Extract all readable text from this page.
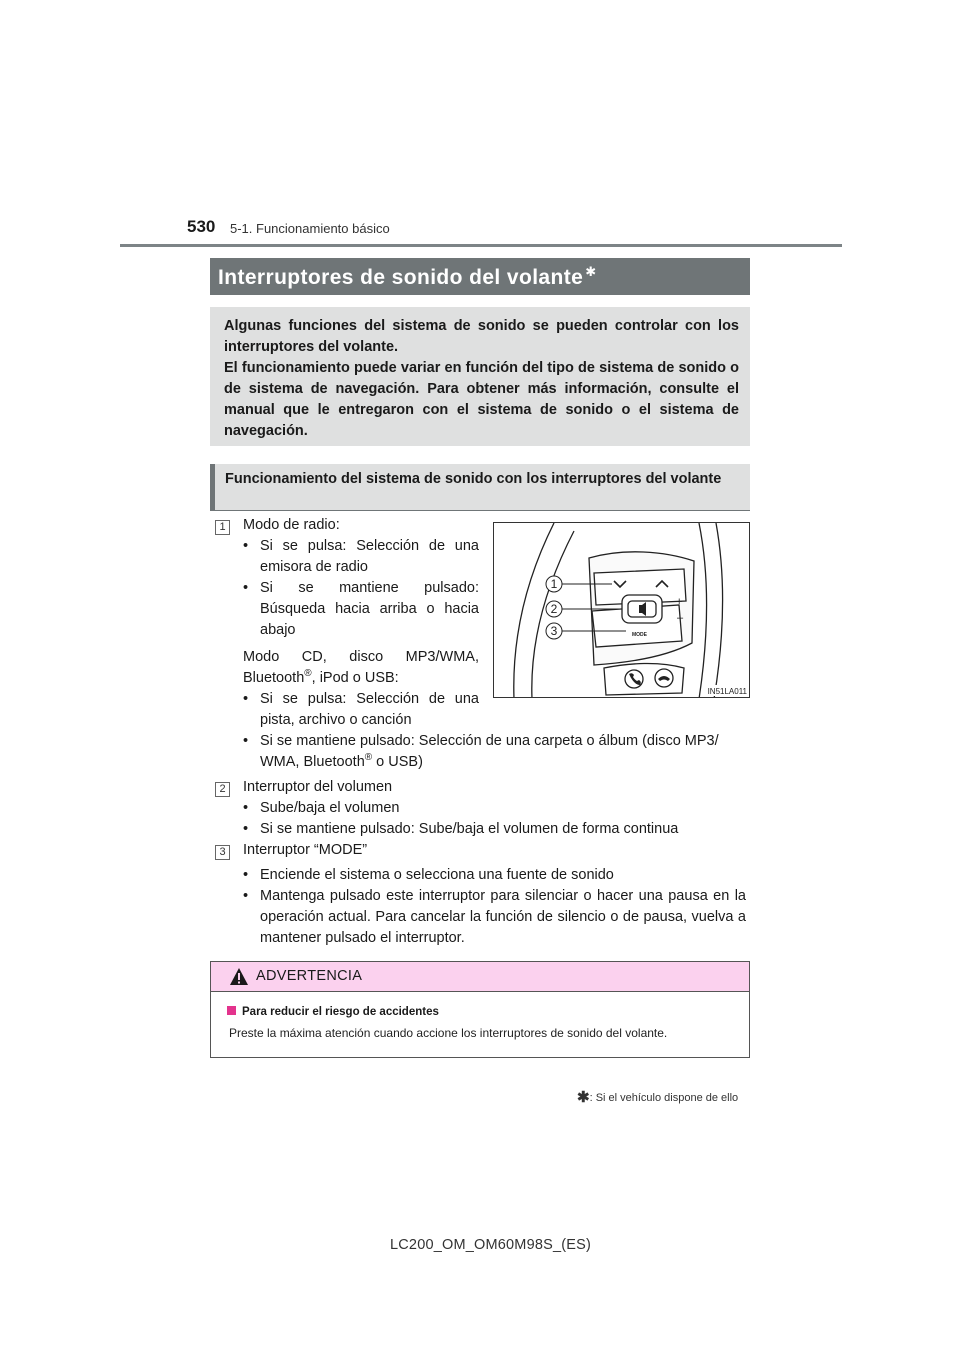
530 5-1. Funcionamiento básico
Interruptores de sonido del volante ✱

Algunas funciones del sistema de sonido se pueden controlar con los interruptores del volante.

El funcionamiento puede variar en función del tipo de sistema de sonido o de sistema de navegación. Para obtener más información, consulte el manual que le entregaron con el sistema de sonido o el sistema de navegación.

Funcionamiento del sistema de sonido con los interruptores del volante
1	Modo de radio:
• Si se pulsa: Selección de una emisora de radio
• Si se mantiene pulsado: Búsqueda hacia arriba o hacia abajo
Modo CD, disco MP3/WMA,
Bluetooth®, iPod o USB:
• Si se pulsa: Selección de una pista, archivo o canción
• Si se mantiene pulsado: Selección de una carpeta o álbum (disco MP3/
WMA, Bluetooth® o USB)
2	Interruptor del volumen
• Sube/baja el volumen
• Si se mantiene pulsado: Sube/baja el volumen de forma continua
3	Interruptor “MODE”
• Enciende el sistema o selecciona una fuente de sonido
• Mantenga pulsado este interruptor para silenciar o hacer una pausa en la operación actual. Para cancelar la función de silencio o de pausa, vuelva a mantener pulsado el interruptor.
+
–
MODE
1
2
3
IN51LA011
ADVERTENCIA
Para reducir el riesgo de accidentes
Preste la máxima atención cuando accione los interruptores de sonido del volante.
✱: Si el vehículo dispone de ello
LC200_OM_OM60M98S_(ES)
